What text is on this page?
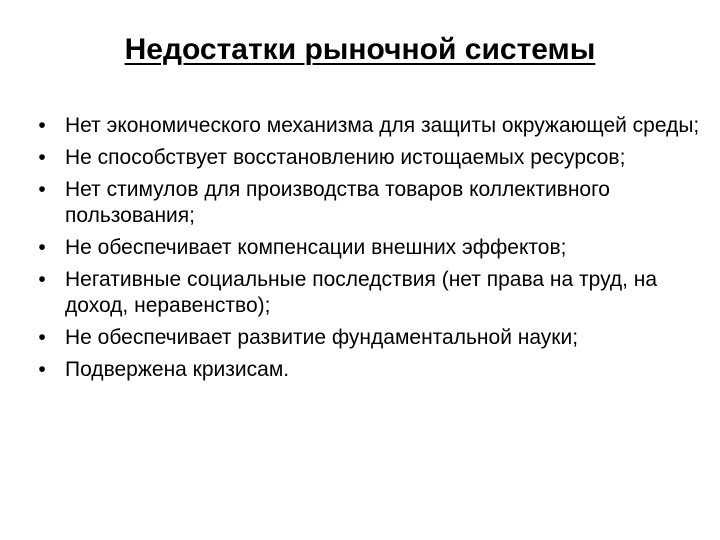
Недостатки рыночной системы
• Нет экономического механизма для защиты окружающей среды;
• Не способствует восстановлению истощаемых ресурсов;
• Нет стимулов для производства товаров коллективного пользования;
• Не обеспечивает компенсации внешних эффектов;
• Негативные социальные последствия (нет права на труд, на доход, неравенство);
• Не обеспечивает развитие фундаментальной науки;
• Подвержена кризисам.
